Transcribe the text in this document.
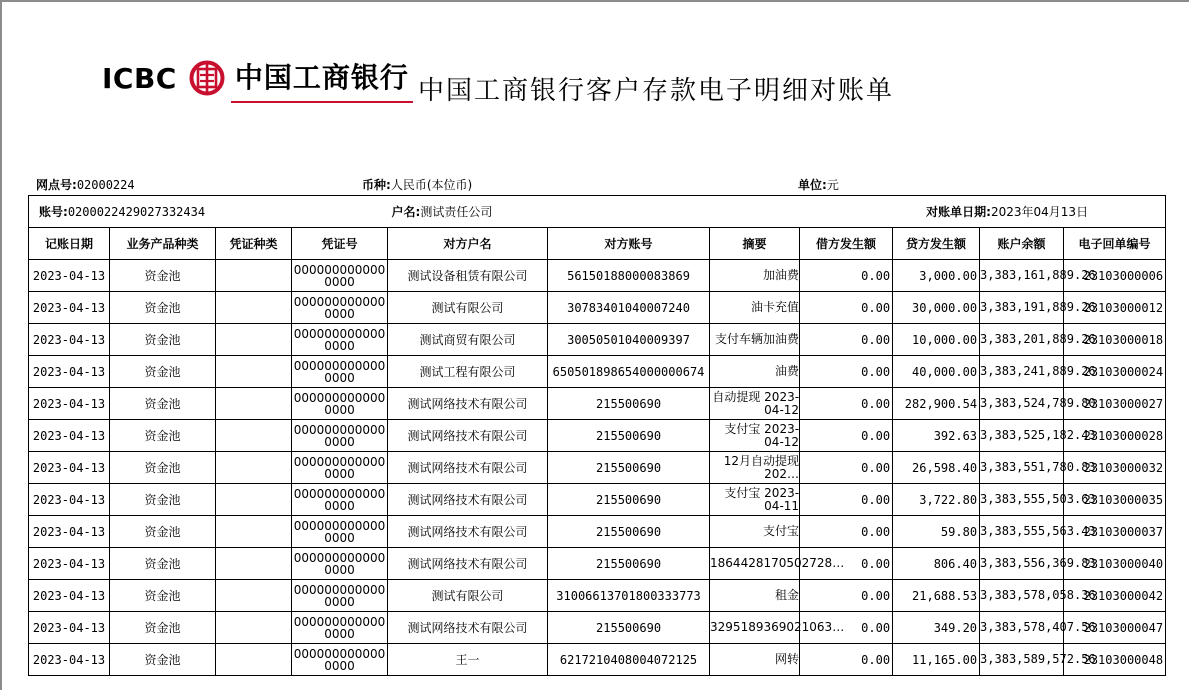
ICBC 中国工商银行 中国工商银行客户存款电子明细对账单
网点号:02000224	币种:人民币(本位币)	单位:元
账号:0200022429027332434				户名:测试责任公司			对账单日期:2023年04月13日			
记账日期	业务产品种类	凭证种类	凭证号	对方户名	对方账号	摘要	借方发生额	贷方发生额	账户余额	电子回单编号
2023-04-13	资金池		0000000000000000	测试设备租赁有限公司	56150188000083869	加油费	0.00	3,000.00	3,383,161,889.26	23103000006
2023-04-13	资金池		0000000000000000	测试有限公司	30783401040007240	油卡充值	0.00	30,000.00	3,383,191,889.26	23103000012
2023-04-13	资金池		0000000000000000	测试商贸有限公司	30050501040009397	支付车辆加油费	0.00	10,000.00	3,383,201,889.26	23103000018
2023-04-13	资金池		0000000000000000	测试工程有限公司	650501898654000000674	油费	0.00	40,000.00	3,383,241,889.26	23103000024
2023-04-13	资金池		0000000000000000	测试网络技术有限公司	215500690	自动提现 2023-04-12	0.00	282,900.54	3,383,524,789.80	23103000027
2023-04-13	资金池		0000000000000000	测试网络技术有限公司	215500690	支付宝 2023-04-12	0.00	392.63	3,383,525,182.43	23103000028
2023-04-13	资金池		0000000000000000	测试网络技术有限公司	215500690	12月自动提现 202…	0.00	26,598.40	3,383,551,780.83	23103000032
2023-04-13	资金池		0000000000000000	测试网络技术有限公司	215500690	支付宝 2023-04-11	0.00	3,722.80	3,383,555,503.63	23103000035
2023-04-13	资金池		0000000000000000	测试网络技术有限公司	215500690	支付宝	0.00	59.80	3,383,555,563.43	23103000037
2023-04-13	资金池		0000000000000000	测试网络技术有限公司	215500690	1864428170502728…	0.00	806.40	3,383,556,369.83	23103000040
2023-04-13	资金池		0000000000000000	测试有限公司	31006613701800333773	租金	0.00	21,688.53	3,383,578,058.36	23103000042
2023-04-13	资金池		0000000000000000	测试网络技术有限公司	215500690	3295189369021063…	0.00	349.20	3,383,578,407.56	23103000047
2023-04-13	资金池		0000000000000000	王一	6217210408004072125	网转	0.00	11,165.00	3,383,589,572.56	23103000048
